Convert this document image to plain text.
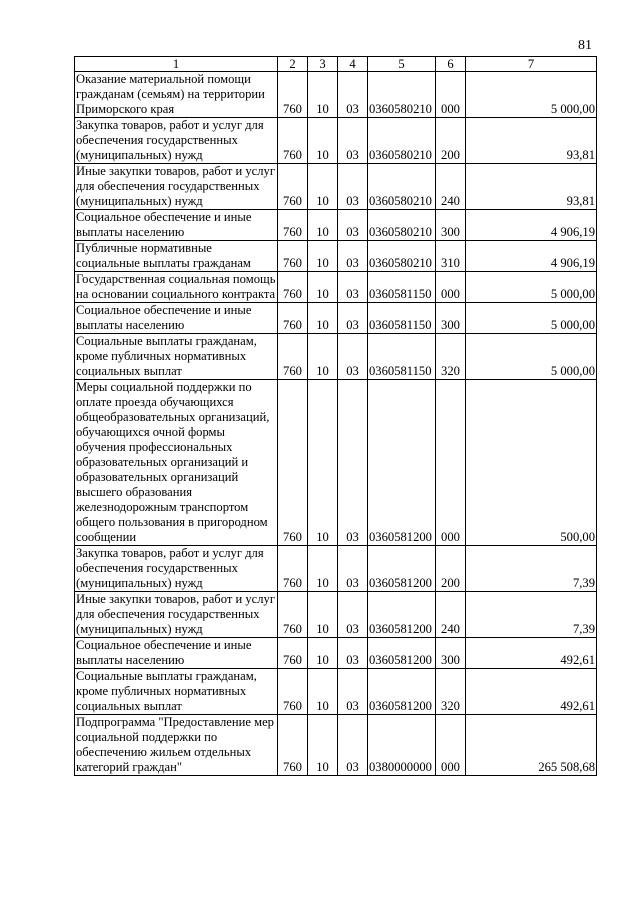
81
1	2	3	4	5	6	7
Оказание материальной помощи гражданам (семьям) на территории Приморского края	760	10	03	0360580210	000	5 000,00
Закупка товаров, работ и услуг для обеспечения государственных (муниципальных) нужд	760	10	03	0360580210	200	93,81
Иные закупки товаров, работ и услуг для обеспечения государственных (муниципальных) нужд	760	10	03	0360580210	240	93,81
Социальное обеспечение и иные выплаты населению	760	10	03	0360580210	300	4 906,19
Публичные нормативные социальные выплаты гражданам	760	10	03	0360580210	310	4 906,19
Государственная социальная помощь на основании социального контракта	760	10	03	0360581150	000	5 000,00
Социальное обеспечение и иные выплаты населению	760	10	03	0360581150	300	5 000,00
Социальные выплаты гражданам, кроме публичных нормативных социальных выплат	760	10	03	0360581150	320	5 000,00
Меры социальной поддержки по оплате проезда обучающихся общеобразовательных организаций, обучающихся очной формы обучения профессиональных образовательных организаций и образовательных организаций высшего образования железнодорожным транспортом общего пользования в пригородном сообщении	760	10	03	0360581200	000	500,00
Закупка товаров, работ и услуг для обеспечения государственных (муниципальных) нужд	760	10	03	0360581200	200	7,39
Иные закупки товаров, работ и услуг для обеспечения государственных (муниципальных) нужд	760	10	03	0360581200	240	7,39
Социальное обеспечение и иные выплаты населению	760	10	03	0360581200	300	492,61
Социальные выплаты гражданам, кроме публичных нормативных социальных выплат	760	10	03	0360581200	320	492,61
Подпрограмма "Предоставление мер социальной поддержки по обеспечению жильем отдельных категорий граждан"	760	10	03	0380000000	000	265 508,68
